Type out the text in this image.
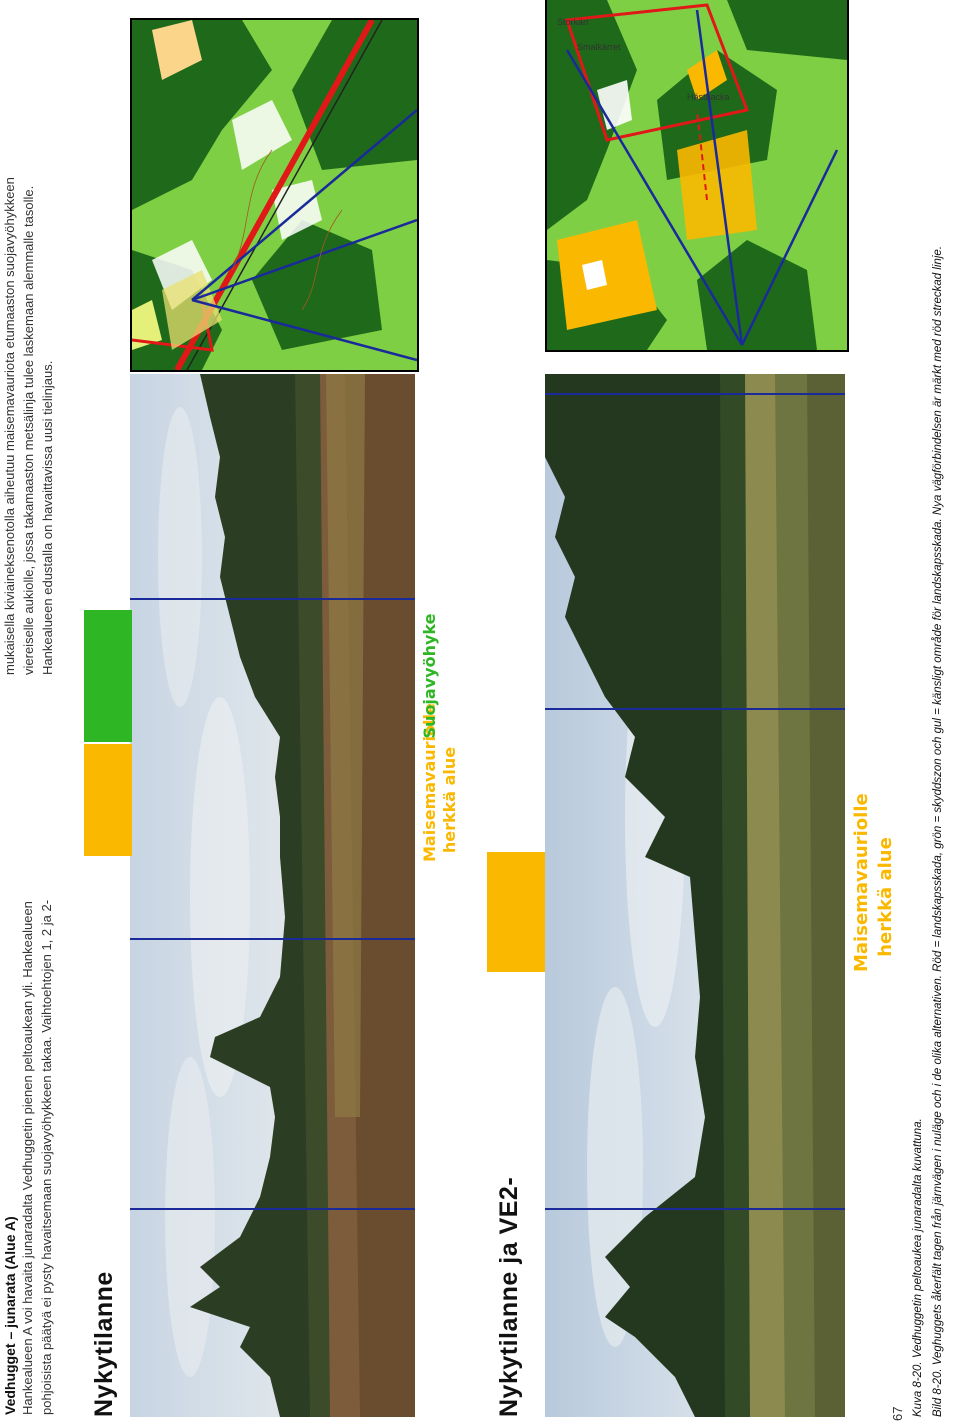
Vedhugget – junarata (Alue A) Hankealueen A voi havaita junaradalta Vedhuggetin pienen peltoaukean yli. Hankealueen pohjoisista päätyä ei pysty havaitsemaan suojavyöhykkeen takaa. Vaihtoehtojen 1, 2 ja 2-
mukaisella kiviaineksenotolla aiheutuu maisemavauriota etumaaston suojavyöhykkeen viereiselle aukiolle, jossa takamaaston metsälinja tulee laskemaan alemmalle tasolle. Hankealueen edustalla on havaittavissa uusi tielinjaus.
Nykytilanne
Maisemavauriolle herkkä alue
Suojavyöhyke
Nykytilanne ja VE2-
Maisemavauriolle herkkä alue
Storkärr
Smalkärret
Hästbacka
Kuva 8-20. Vedhuggetin peltoaukea junaradalta kuvattuna. Bild 8-20. Veghuggets åkerfält tagen från järnvägen i nuläge och i de olika alternativen. Röd = landskapsskada, grön = skyddszon och gul = känsligt område för landskapsskada. Nya vägförbindelsen är märkt med röd streckad linje.
67
